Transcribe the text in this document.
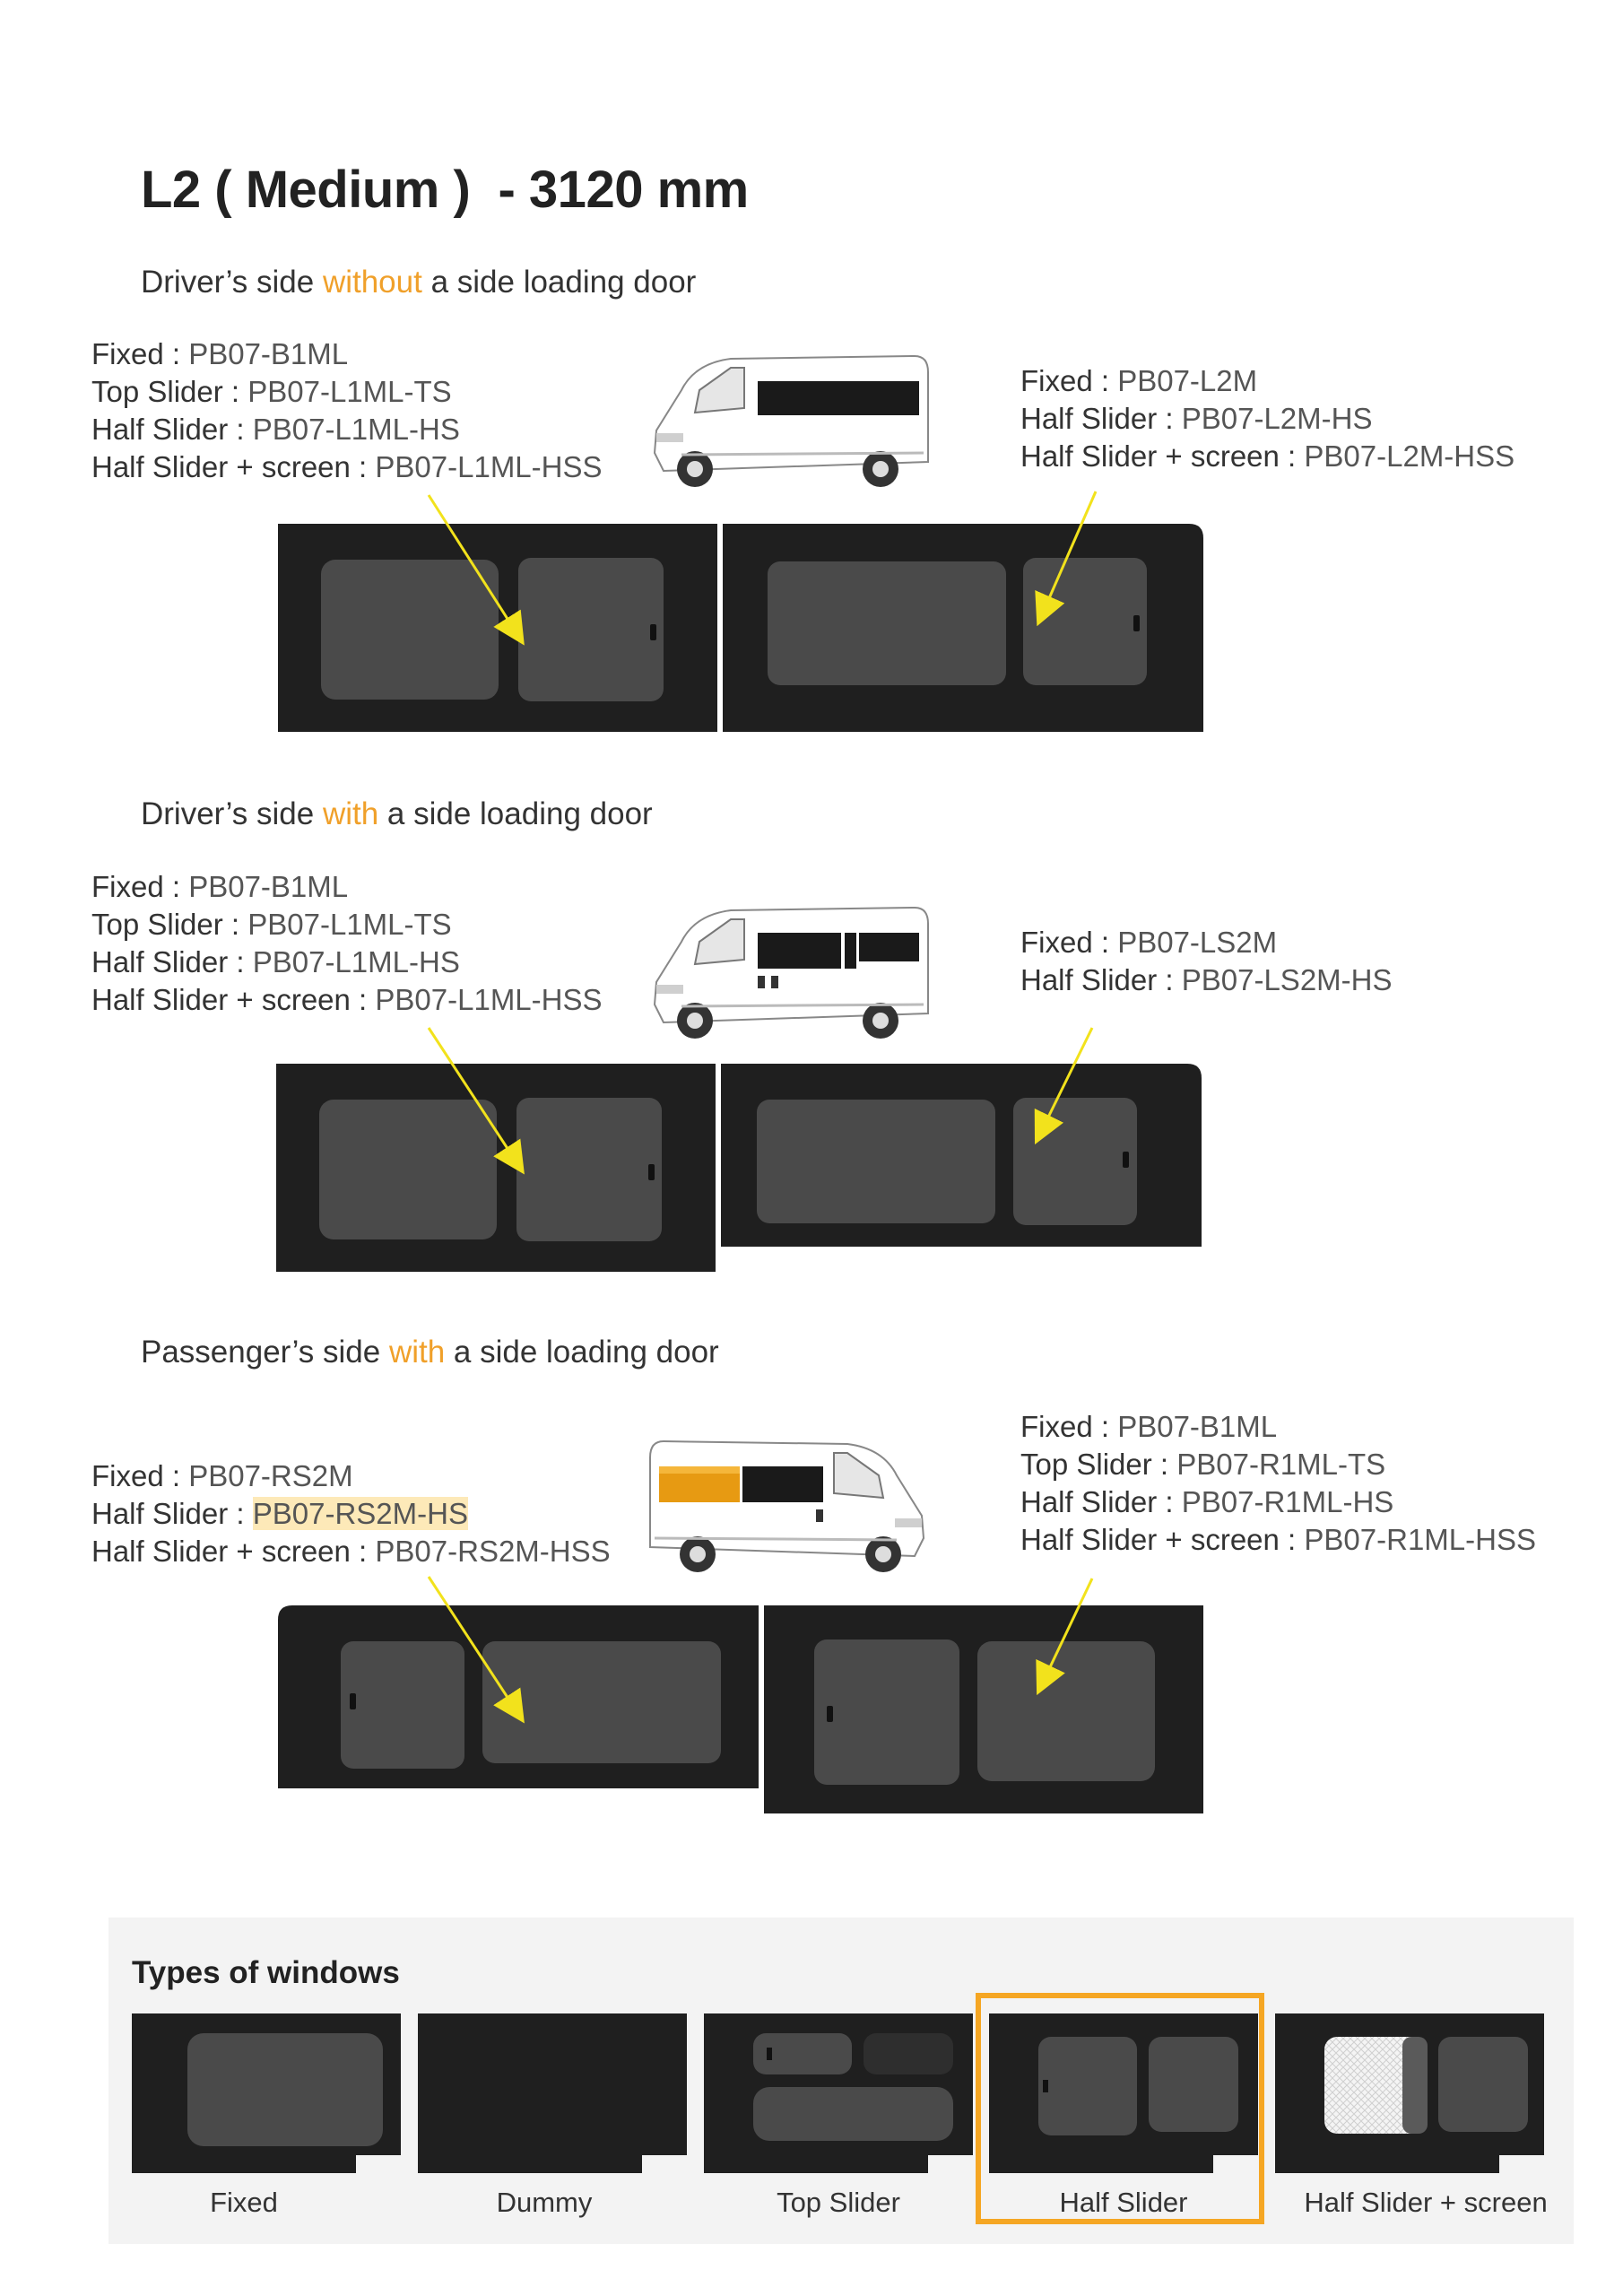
L2 ( Medium )  - 3120 mm
Driver’s side without a side loading door
Fixed : PB07-B1ML
Top Slider : PB07-L1ML-TS
Half Slider : PB07-L1ML-HS
Half Slider + screen : PB07-L1ML-HSS
Fixed : PB07-L2M
Half Slider : PB07-L2M-HS
Half Slider + screen : PB07-L2M-HSS
Driver’s side with a side loading door
Fixed : PB07-B1ML
Top Slider : PB07-L1ML-TS
Half Slider : PB07-L1ML-HS
Half Slider + screen : PB07-L1ML-HSS
Fixed : PB07-LS2M
Half Slider : PB07-LS2M-HS
Passenger’s side with a side loading door
Fixed : PB07-RS2M
Half Slider : PB07-RS2M-HS
Half Slider + screen : PB07-RS2M-HSS
Fixed : PB07-B1ML
Top Slider : PB07-R1ML-TS
Half Slider : PB07-R1ML-HS
Half Slider + screen : PB07-R1ML-HSS
Types of windows
Fixed	Dummy	Top Slider	Half Slider	Half Slider + screen
